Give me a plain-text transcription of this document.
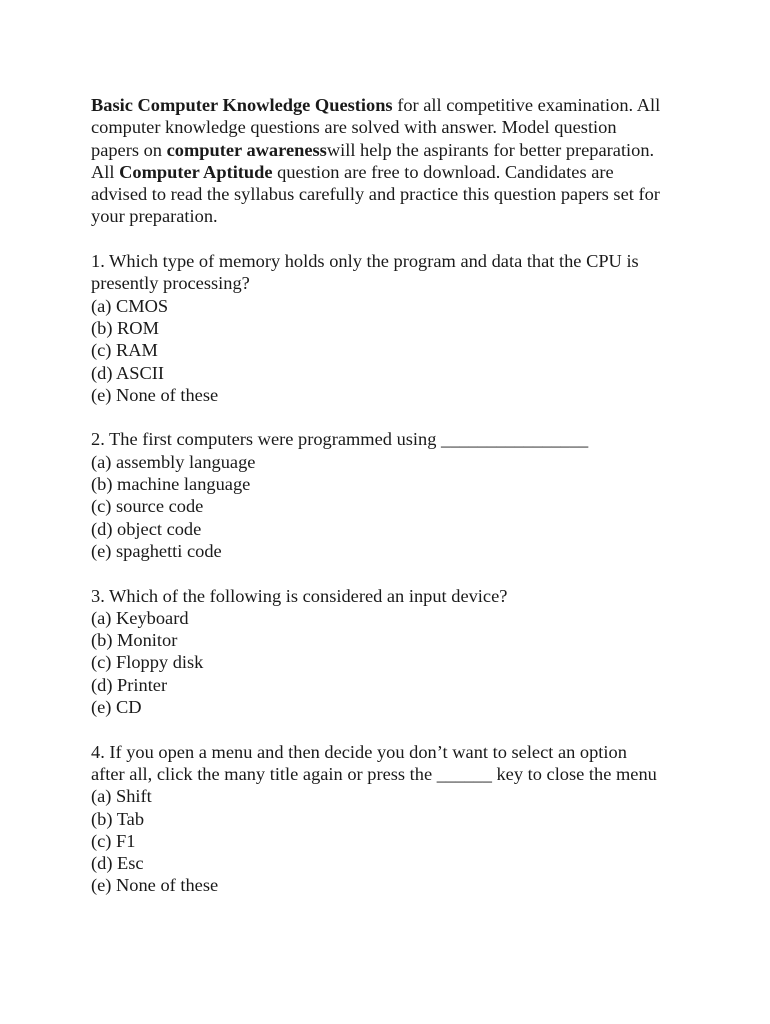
Basic Computer Knowledge Questions for all competitive examination. All
computer knowledge questions are solved with answer. Model question
papers on computer awarenesswill help the aspirants for better preparation.
All Computer Aptitude question are free to download. Candidates are
advised to read the syllabus carefully and practice this question papers set for
your preparation.
1. Which type of memory holds only the program and data that the CPU is
presently processing?
(a) CMOS
(b) ROM
(c) RAM
(d) ASCII
(e) None of these
2. The first computers were programmed using ________________
(a) assembly language
(b) machine language
(c) source code
(d) object code
(e) spaghetti code
3. Which of the following is considered an input device?
(a) Keyboard
(b) Monitor
(c) Floppy disk
(d) Printer
(e) CD
4. If you open a menu and then decide you don’t want to select an option
after all, click the many title again or press the ______ key to close the menu
(a) Shift
(b) Tab
(c) F1
(d) Esc
(e) None of these
